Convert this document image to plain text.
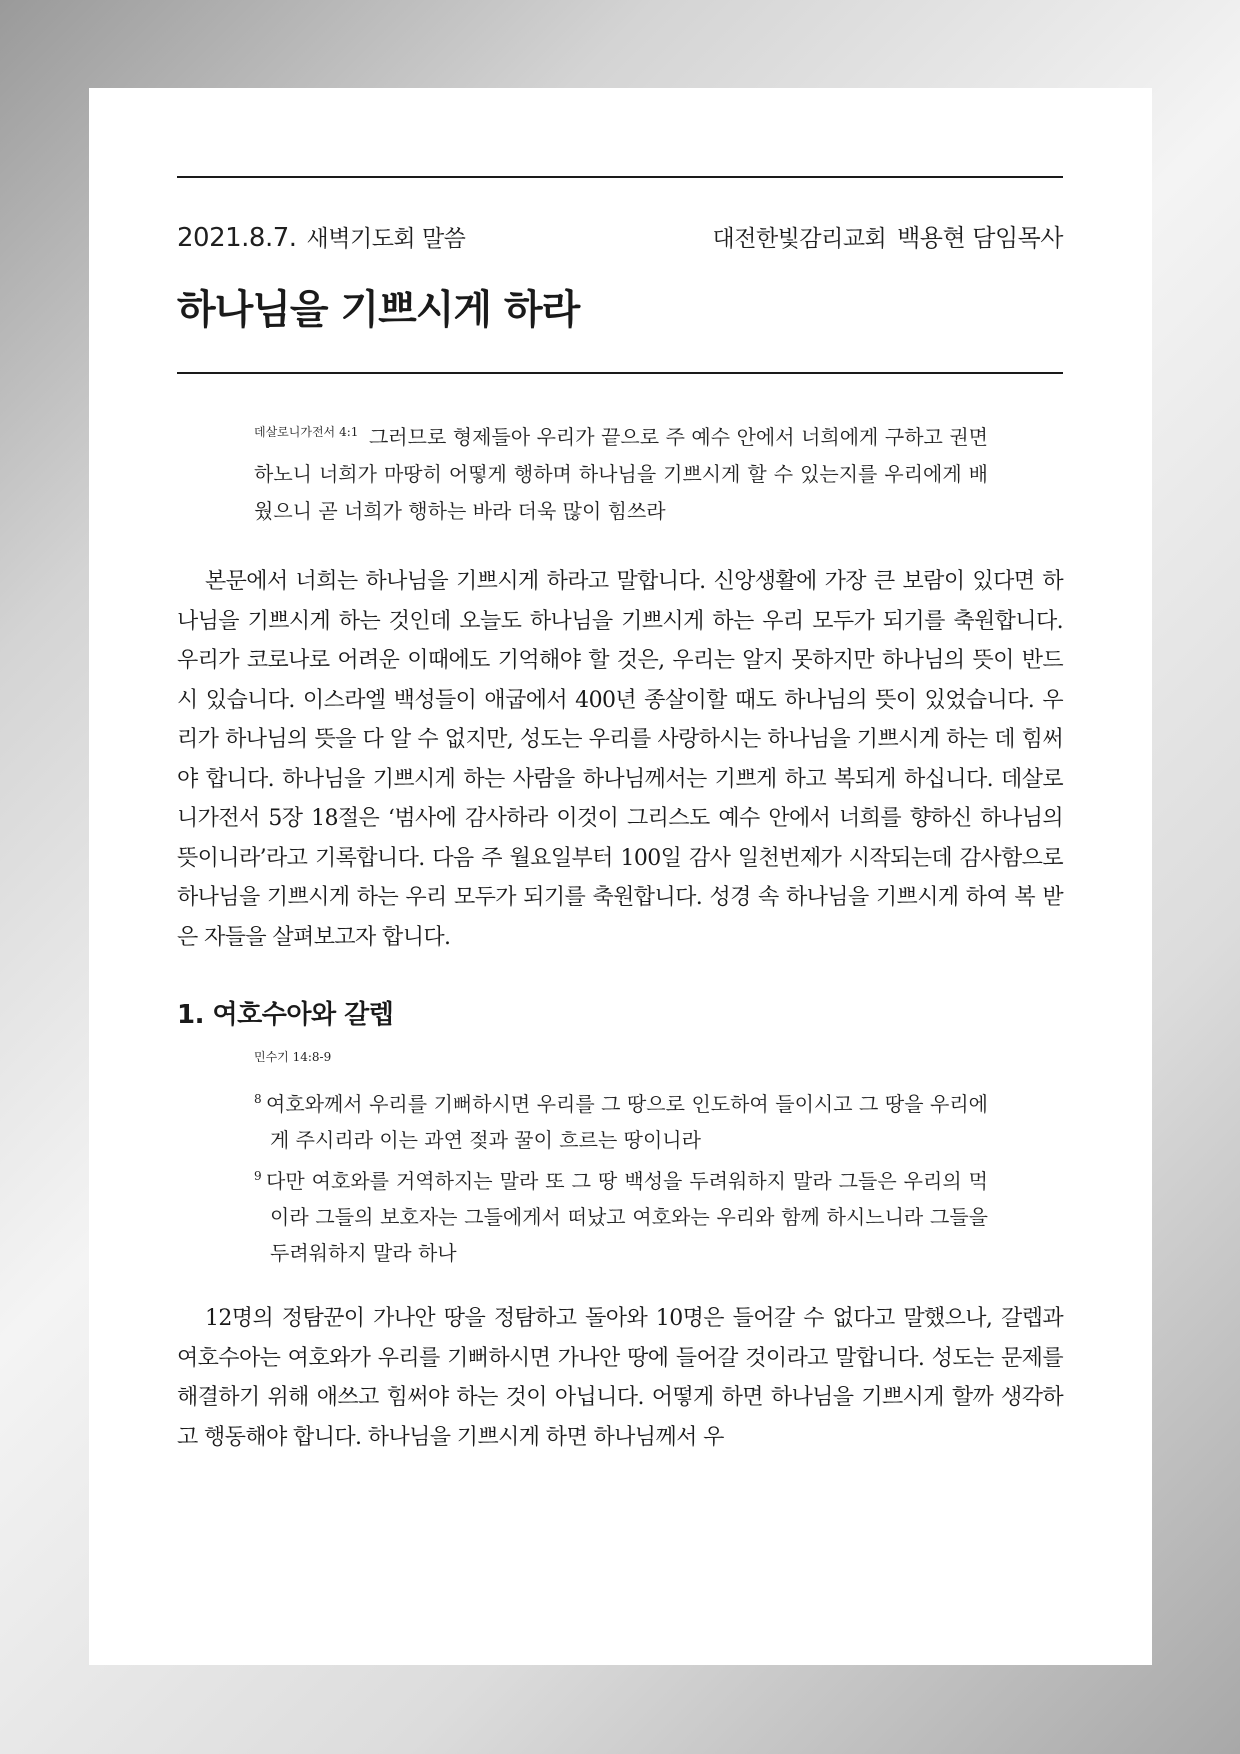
2021.8.7. 새벽기도회 말씀	대전한빛감리교회 백용현 담임목사
하나님을 기쁘시게 하라
$^{데살로니가전서 4:1}$ 그러므로 형제들아 우리가 끝으로 주 예수 안에서 너희에게 구하고 권면하노니 너희가 마땅히 어떻게 행하며 하나님을 기쁘시게 할 수 있는지를 우리에게 배웠으니 곧 너희가 행하는 바라 더욱 많이 힘쓰라

본문에서 너희는 하나님을 기쁘시게 하라고 말합니다. 신앙생활에 가장 큰 보람이 있다면 하나님을 기쁘시게 하는 것인데 오늘도 하나님을 기쁘시게 하는 우리 모두가 되기를 축원합니다. 우리가 코로나로 어려운 이때에도 기억해야 할 것은, 우리는 알지 못하지만 하나님의 뜻이 반드시 있습니다. 이스라엘 백성들이 애굽에서 400년 종살이할 때도 하나님의 뜻이 있었습니다. 우리가 하나님의 뜻을 다 알 수 없지만, 성도는 우리를 사랑하시는 하나님을 기쁘시게 하는 데 힘써야 합니다. 하나님을 기쁘시게 하는 사람을 하나님께서는 기쁘게 하고 복되게 하십니다. 데살로니가전서 5장 18절은 ‘범사에 감사하라 이것이 그리스도 예수 안에서 너희를 향하신 하나님의 뜻이니라’라고 기록합니다. 다음 주 월요일부터 100일 감사 일천번제가 시작되는데 감사함으로 하나님을 기쁘시게 하는 우리 모두가 되기를 축원합니다. 성경 속 하나님을 기쁘시게 하여 복 받은 자들을 살펴보고자 합니다.

1. 여호수아와 갈렙
민수기 14:8-9
8 여호와께서 우리를 기뻐하시면 우리를 그 땅으로 인도하여 들이시고 그 땅을 우리에게 주시리라 이는 과연 젖과 꿀이 흐르는 땅이니라
9 다만 여호와를 거역하지는 말라 또 그 땅 백성을 두려워하지 말라 그들은 우리의 먹이라 그들의 보호자는 그들에게서 떠났고 여호와는 우리와 함께 하시느니라 그들을 두려워하지 말라 하나

12명의 정탐꾼이 가나안 땅을 정탐하고 돌아와 10명은 들어갈 수 없다고 말했으나, 갈렙과 여호수아는 여호와가 우리를 기뻐하시면 가나안 땅에 들어갈 것이라고 말합니다. 성도는 문제를 해결하기 위해 애쓰고 힘써야 하는 것이 아닙니다. 어떻게 하면 하나님을 기쁘시게 할까 생각하고 행동해야 합니다. 하나님을 기쁘시게 하면 하나님께서 우
